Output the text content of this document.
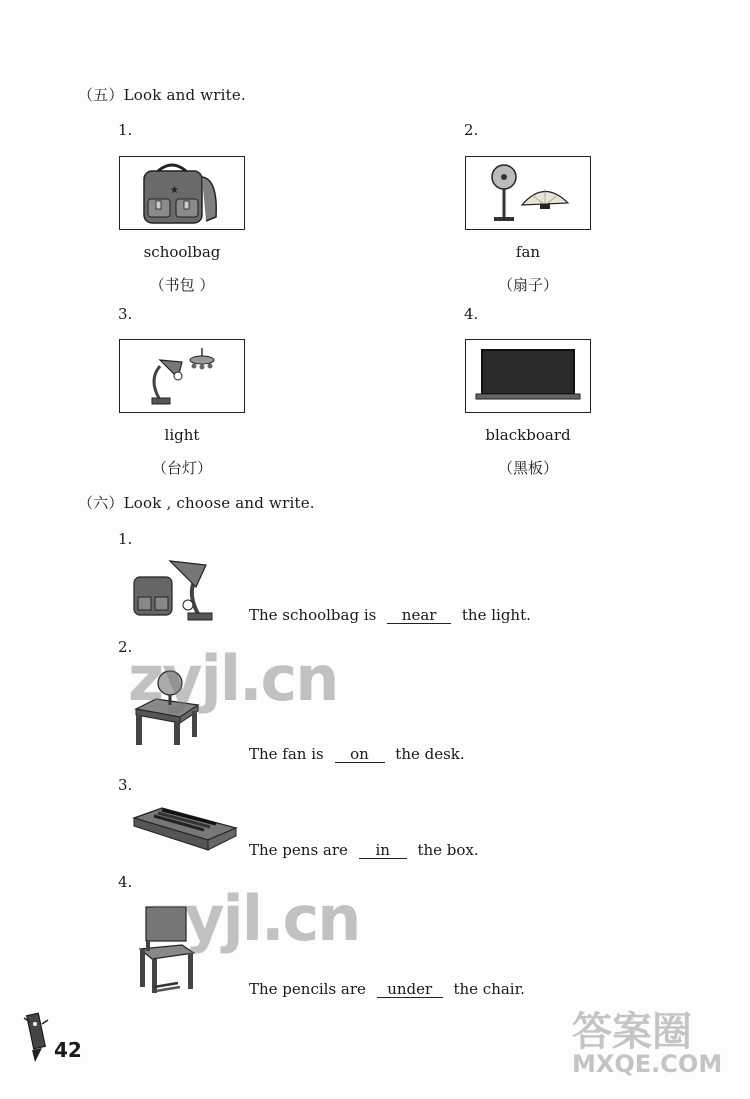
（五）Look and write.
1.	2.
★
schoolbag	fan
（书包 ）	（扇子）
3.	4.
light	blackboard
（台灯）	（黑板）
（六）Look , choose and write.
1.
The schoolbag is near the light.
2.
The fan is on the desk.
3.
The pens are in the box.
4.
The pencils are under the chair.
zyjl.cn
zyjl.cn
答案圈
MXQE.COM
42
